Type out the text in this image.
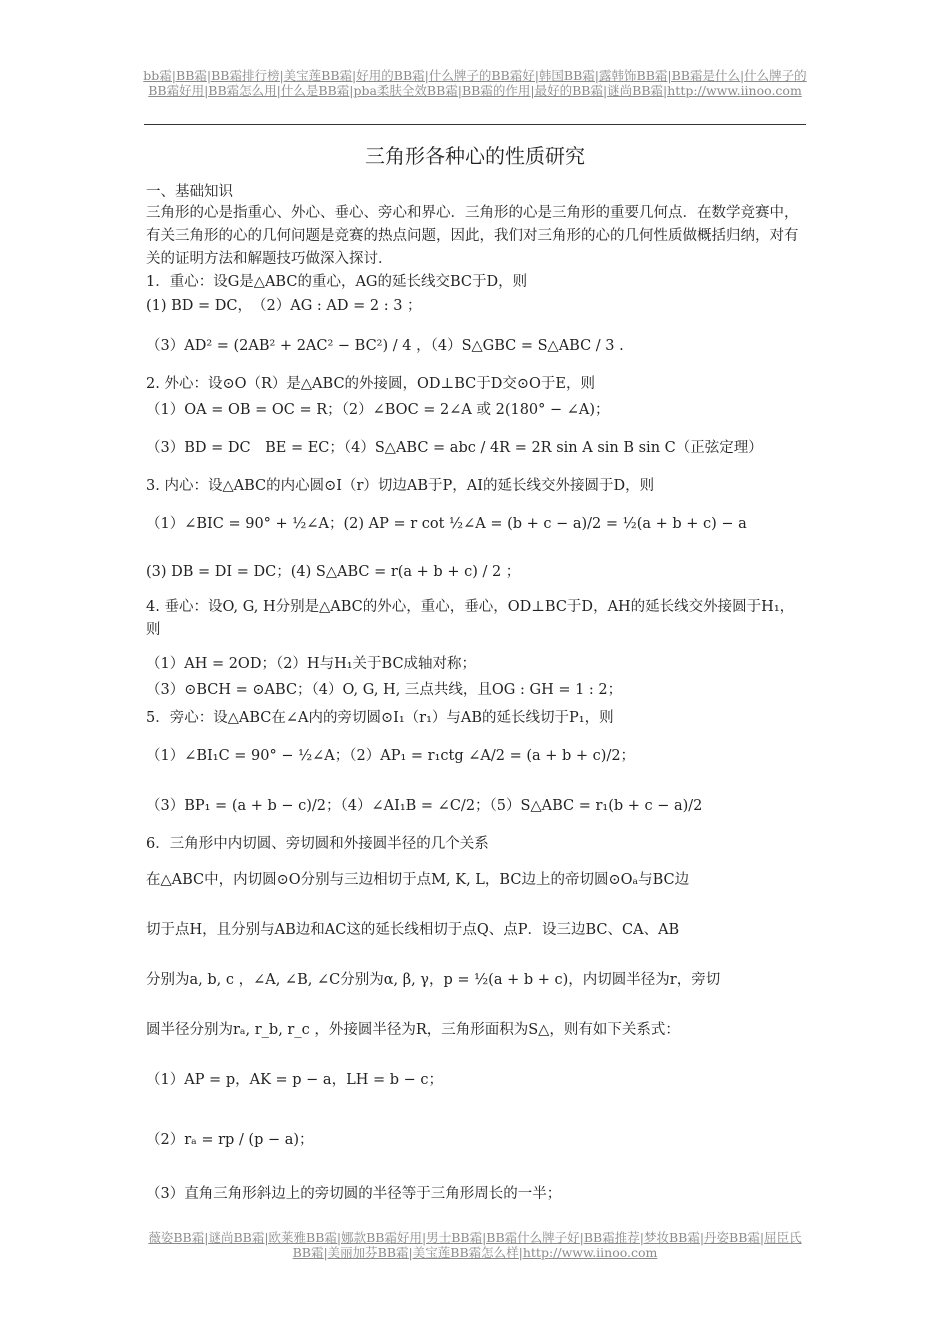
bb霜|BB霜|BB霜排行榜|美宝莲BB霜|好用的BB霜|什么牌子的BB霜好|韩国BB霜|露韩饰BB霜|BB霜是什么|什么牌子的BB霜好用|BB霜怎么用|什么是BB霜|pba柔肤全效BB霜|BB霜的作用|最好的BB霜|谜尚BB霜|http://www.iinoo.com
三角形各种心的性质研究
一、基础知识
三角形的心是指重心、外心、垂心、旁心和界心．三角形的心是三角形的重要几何点．在数学竞赛中，有关三角形的心的几何问题是竞赛的热点问题，因此，我们对三角形的心的几何性质做概括归纳，对有关的证明方法和解题技巧做深入探讨．
1．重心：设G是△ABC的重心，AG的延长线交BC于D，则
(1) BD = DC，　（2）AG : AD = 2 : 3 ；
（3）AD² = (2AB² + 2AC² − BC²) / 4 ，（4）S△GBC = S△ABC / 3 .
2. 外心：设⊙O（R）是△ABC的外接圆，OD⊥BC于D交⊙O于E，则
（1）OA = OB = OC = R；（2）∠BOC = 2∠A 或 2(180° − ∠A)；
（3）BD = DC　BE = EC；（4）S△ABC = abc / 4R = 2R sin A sin B sin C（正弦定理）
3. 内心：设△ABC的内心圆⊙I（r）切边AB于P，AI的延长线交外接圆于D，则
（1）∠BIC = 90° + ½∠A；(2) AP = r cot ½∠A = (b + c − a)/2 = ½(a + b + c) − a
(3) DB = DI = DC；(4) S△ABC = r(a + b + c) / 2 ；
4. 垂心：设O, G, H分别是△ABC的外心，重心，垂心，OD⊥BC于D，AH的延长线交外接圆于H₁，则
（1）AH = 2OD；（2）H与H₁关于BC成轴对称；
（3）⊙BCH = ⊙ABC；（4）O, G, H, 三点共线，且OG : GH = 1 : 2；
5．旁心：设△ABC在∠A内的旁切圆⊙I₁（r₁）与AB的延长线切于P₁，则
（1）∠BI₁C = 90° − ½∠A；（2）AP₁ = r₁ctg ∠A/2 = (a + b + c)/2；
（3）BP₁ = (a + b − c)/2；（4）∠AI₁B = ∠C/2；（5）S△ABC = r₁(b + c − a)/2
6．三角形中内切圆、旁切圆和外接圆半径的几个关系
在△ABC中，内切圆⊙O分别与三边相切于点M, K, L，BC边上的帝切圆⊙Oₐ与BC边
切于点H，且分别与AB边和AC这的延长线相切于点Q、点P．设三边BC、CA、AB
分别为a, b, c ，∠A, ∠B, ∠C分别为α, β, γ，p = ½(a + b + c)，内切圆半径为r，旁切
圆半径分别为rₐ, r_b, r_c ，外接圆半径为R，三角形面积为S△，则有如下关系式：
（1）AP = p，AK = p − a，LH = b − c；
（2）rₐ = rp / (p − a)；
（3）直角三角形斜边上的旁切圆的半径等于三角形周长的一半；
薇姿BB霜|谜尚BB霜|欧莱雅BB霜|娜款BB霜好用|男士BB霜|BB霜什么牌子好|BB霜推荐|梦妆BB霜|丹姿BB霜|屈臣氏BB霜|美丽加芬BB霜|美宝莲BB霜怎么样|http://www.iinoo.com
